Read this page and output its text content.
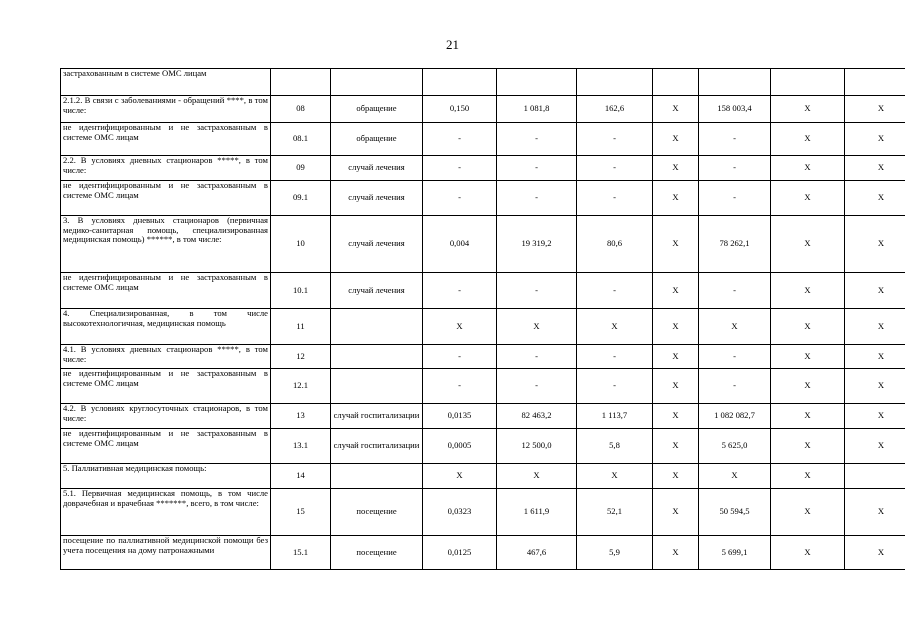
21
застрахованным в системе ОМС лицам									
2.1.2. В связи с заболеваниями - обращений ****, в том числе:	08	обращение	0,150	1 081,8	162,6	X	158 003,4	X	X
не идентифицированным и не застрахованным в системе ОМС лицам	08.1	обращение	-	-	-	X	-	X	X
2.2. В условиях дневных стационаров *****, в том числе:	09	случай лечения	-	-	-	X	-	X	X
не идентифицированным и не застрахованным в системе ОМС лицам	09.1	случай лечения	-	-	-	X	-	X	X
3. В условиях дневных стационаров (первичная медико-санитарная помощь, специализированная медицинская помощь) ******, в том числе:	10	случай лечения	0,004	19 319,2	80,6	X	78 262,1	X	X
не идентифицированным и не застрахованным в системе ОМС лицам	10.1	случай лечения	-	-	-	X	-	X	X
4. Специализированная, в том числе высокотехнологичная, медицинская помощь	11		X	X	X	X	X	X	X
4.1. В условиях дневных стационаров *****, в том числе:	12		-	-	-	X	-	X	X
не идентифицированным и не застрахованным в системе ОМС лицам	12.1		-	-	-	X	-	X	X
4.2. В условиях круглосуточных стационаров, в том числе:	13	случай госпитализации	0,0135	82 463,2	1 113,7	X	1 082 082,7	X	X
не идентифицированным и не застрахованным в системе ОМС лицам	13.1	случай госпитализации	0,0005	12 500,0	5,8	X	5 625,0	X	X
5. Паллиативная медицинская помощь:	14		X	X	X	X	X	X	
5.1. Первичная медицинская помощь, в том числе доврачебная и врачебная *******, всего, в том числе:	15	посещение	0,0323	1 611,9	52,1	X	50 594,5	X	X
посещение по паллиативной медицинской помощи без учета посещения на дому патронажными	15.1	посещение	0,0125	467,6	5,9	X	5 699,1	X	X
